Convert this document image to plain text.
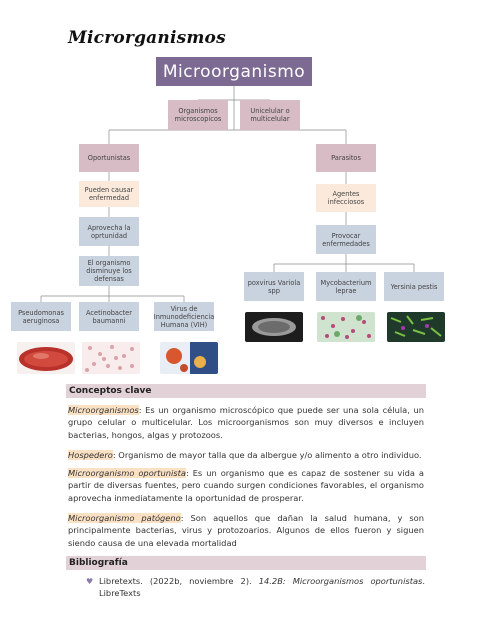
Microrganismos
Microorganismo
Organismos microscopicos
Unicelular o multicelular
Oportunistas
Pueden causar enfermedad
Aprovecha la oprtunidad
El organismo disminuye los defensas
Pseudomonas aeruginosa
Acetinobacter baumanni
Virus de Inmunodeficiencia Humana (VIH)
Parasitos
Agentes infecciosos
Provocar enfermedades
poxvirus Variola spp
Mycobacterium leprae	Yersinia pestis
Conceptos clave
Microorganismos: Es un organismo microscópico que puede ser una sola célula, un grupo celular o multicelular. Los microorganismos son muy diversos e incluyen bacterias, hongos, algas y protozoos.
Hospedero: Organismo de mayor talla que da albergue y/o alimento a otro individuo.
Microorganismo oportunista: Es un organismo que es capaz de sostener su vida a partir de diversas fuentes, pero cuando surgen condiciones favorables, el organismo aprovecha inmediatamente la oportunidad de prosperar.
Microorganismo patógeno: Son aquellos que dañan la salud humana, y son principalmente bacterias, virus y protozoarios. Algunos de ellos fueron y siguen siendo causa de una elevada mortalidad
Bibliografía
♥ Libretexts. (2022b, noviembre 2). 14.2B: Microorganismos oportunistas. LibreTexts
